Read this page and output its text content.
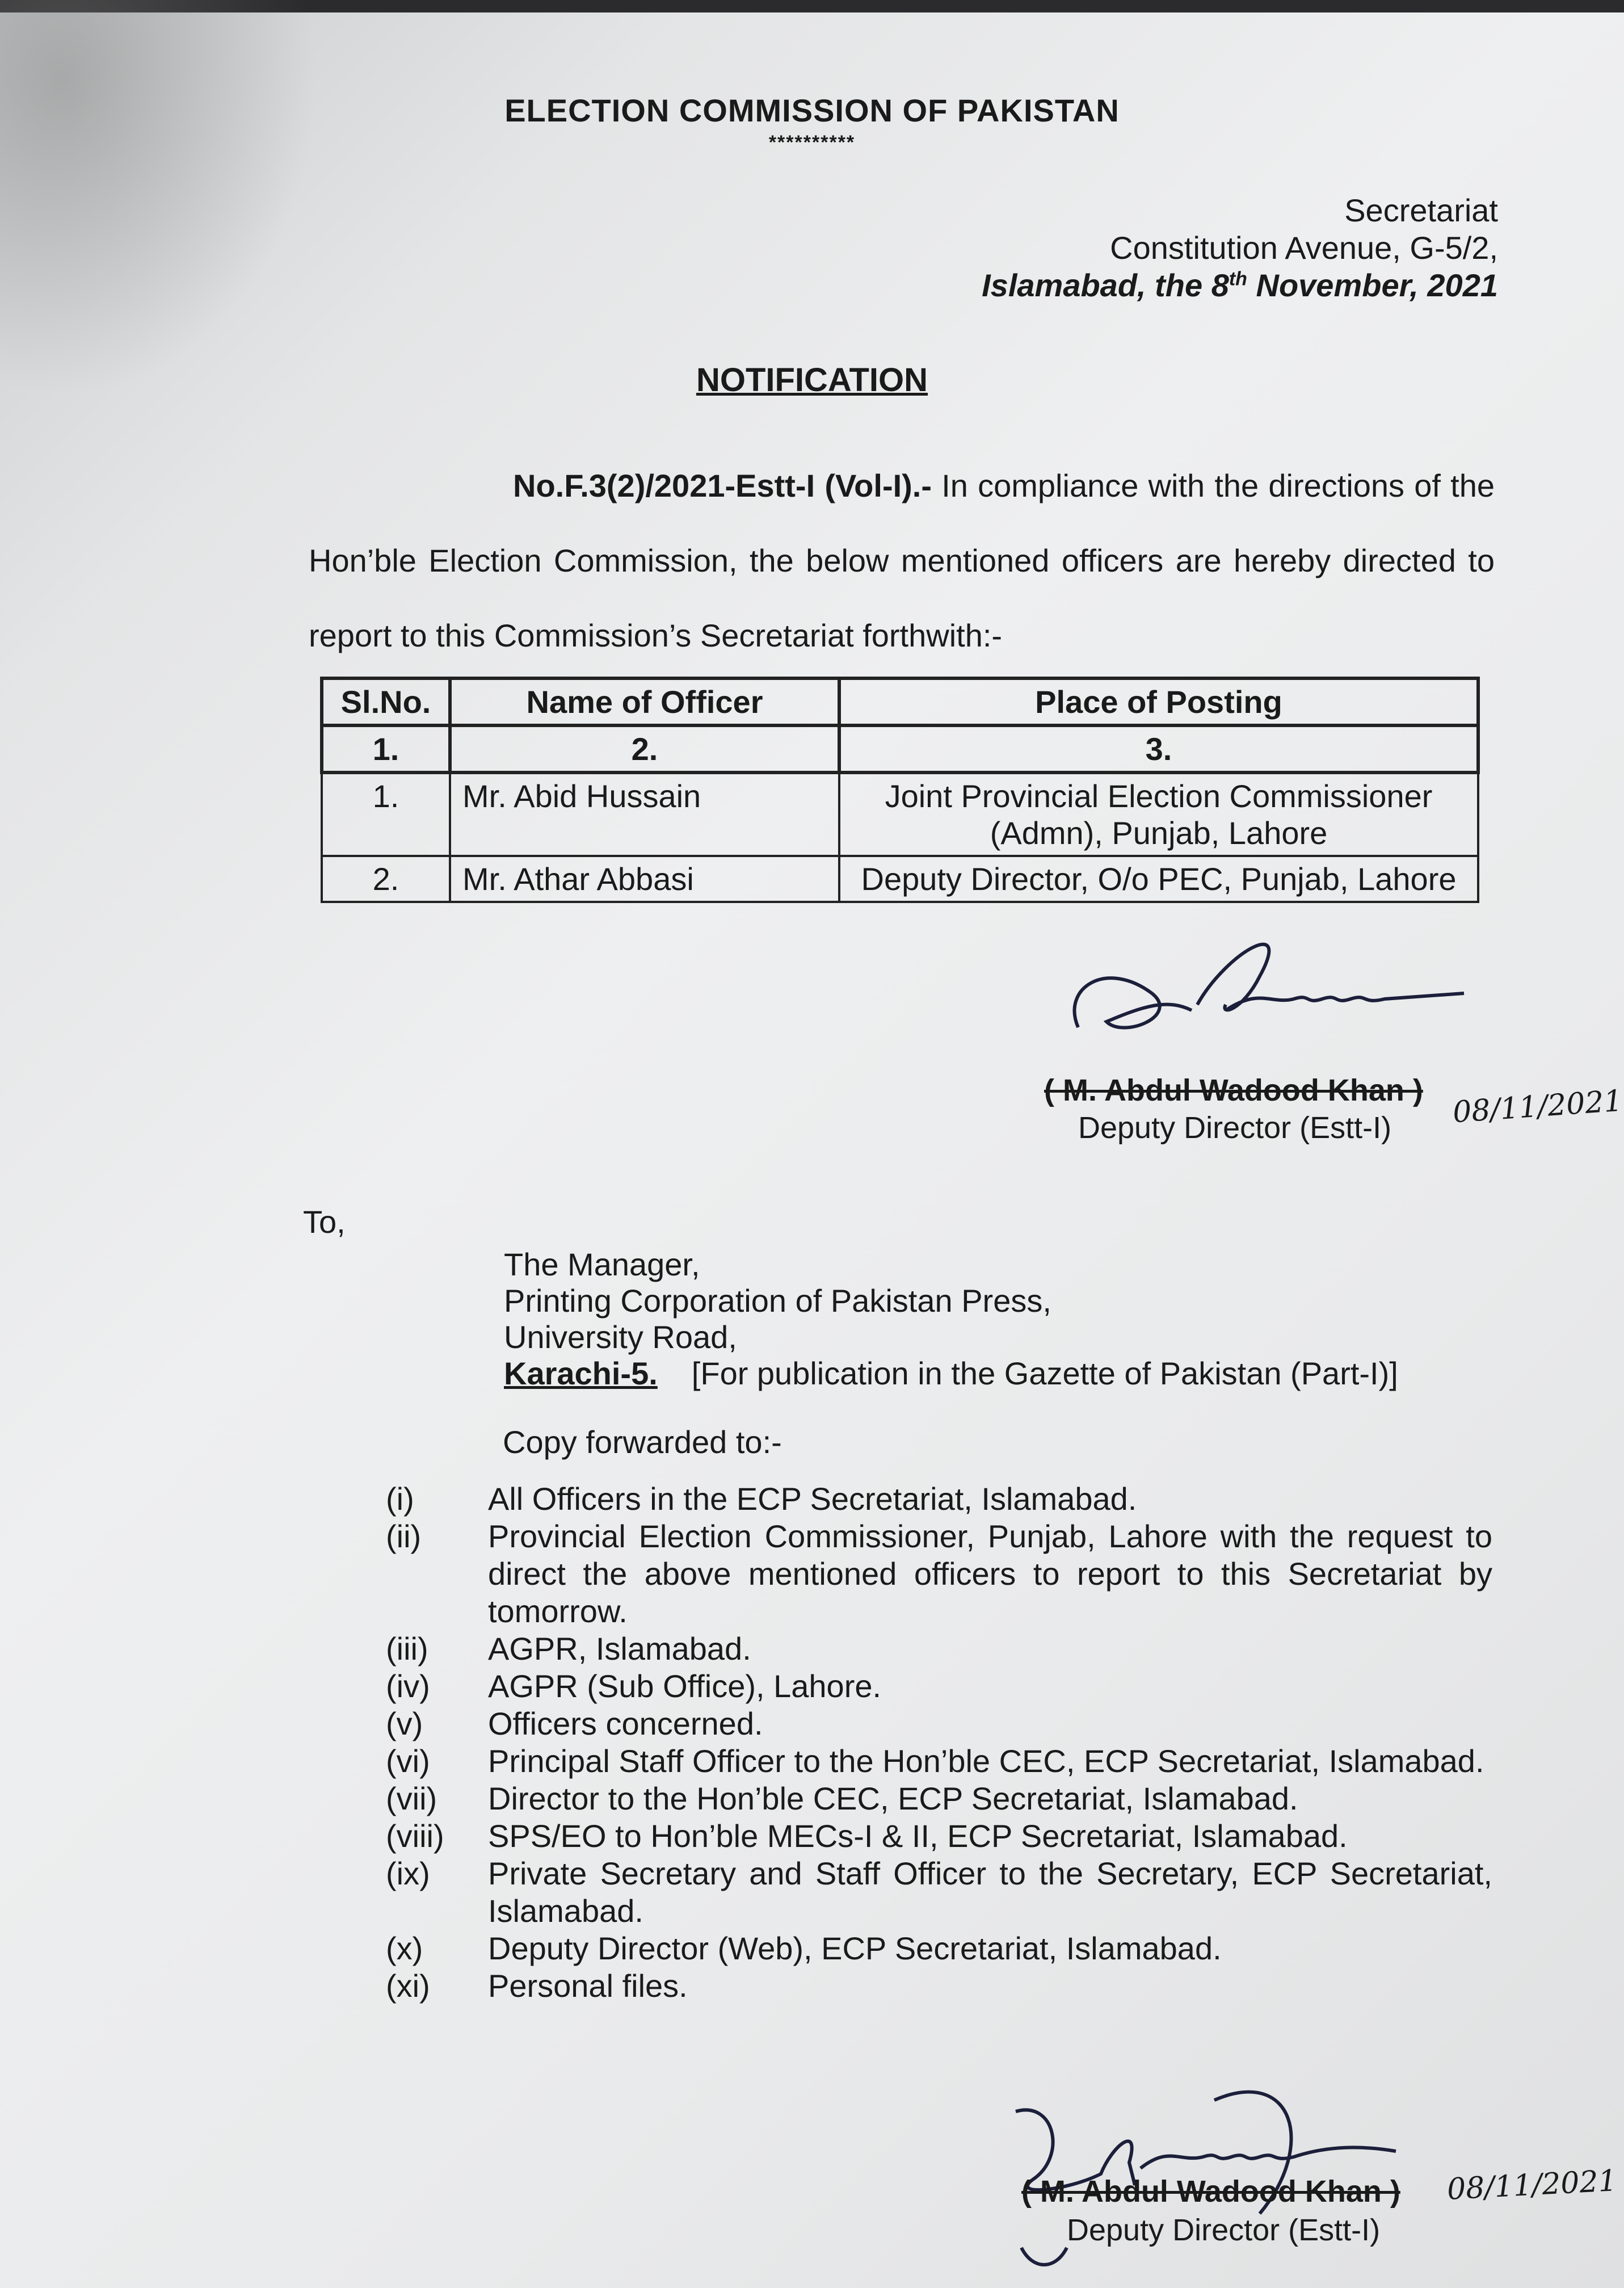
ELECTION COMMISSION OF PAKISTAN
**********
Secretariat
Constitution Avenue, G-5/2,
Islamabad, the 8th November, 2021
NOTIFICATION
No.F.3(2)/2021-Estt-I (Vol-I).- In compliance with the directions of the Hon’ble Election Commission, the below mentioned officers are hereby directed to report to this Commission’s Secretariat forthwith:-
Sl.No.	Name of Officer	Place of Posting
1.	2.	3.
1.	Mr. Abid Hussain	Joint Provincial Election Commissioner (Admn), Punjab, Lahore
2.	Mr. Athar Abbasi	Deputy Director, O/o PEC, Punjab, Lahore
( M. Abdul Wadood Khan )
Deputy Director (Estt-I)	08/11/2021
To,
The Manager,
Printing Corporation of Pakistan Press,
University Road,
Karachi-5. [For publication in the Gazette of Pakistan (Part-I)]
Copy forwarded to:-
(i)	All Officers in the ECP Secretariat, Islamabad.
(ii)	Provincial Election Commissioner, Punjab, Lahore with the request to direct the above mentioned officers to report to this Secretariat by tomorrow.
(iii)	AGPR, Islamabad.
(iv)	AGPR (Sub Office), Lahore.
(v)	Officers concerned.
(vi)	Principal Staff Officer to the Hon’ble CEC, ECP Secretariat, Islamabad.
(vii)	Director to the Hon’ble CEC, ECP Secretariat, Islamabad.
(viii)	SPS/EO to Hon’ble MECs-I & II, ECP Secretariat, Islamabad.
(ix)	Private Secretary and Staff Officer to the Secretary, ECP Secretariat, Islamabad.
(x)	Deputy Director (Web), ECP Secretariat, Islamabad.
(xi)	Personal files.
( M. Abdul Wadood Khan )
Deputy Director (Estt-I)
08/11/2021
